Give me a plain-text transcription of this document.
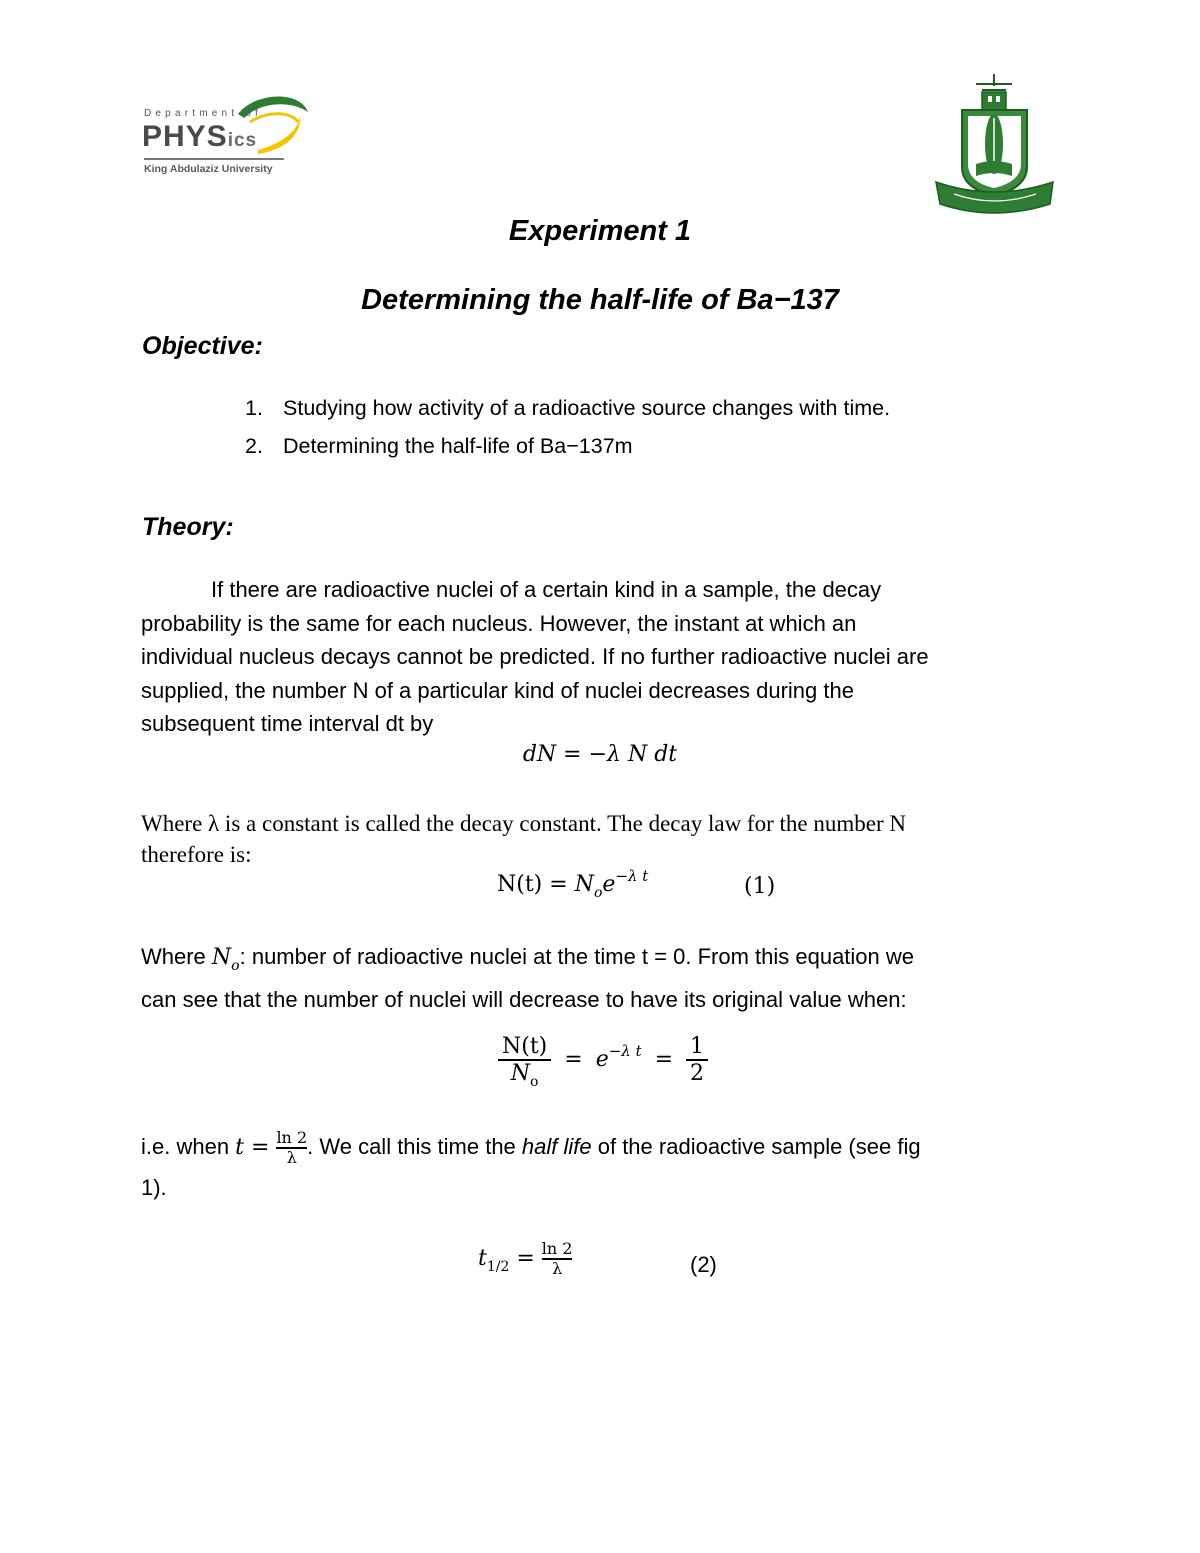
Department of
PHYSics
King Abdulaziz University
Experiment 1
Determining the half-life of Ba−137
Objective:
1. Studying how activity of a radioactive source changes with time.
2. Determining the half-life of Ba−137m
Theory:
If there are radioactive nuclei of a certain kind in a sample, the decay
probability is the same for each nucleus. However, the instant at which an
individual nucleus decays cannot be predicted. If no further radioactive nuclei are
supplied, the number N of a particular kind of nuclei decreases during the
subsequent time interval dt by
dN = −λ N dt
Where λ is a constant is called the decay constant. The decay law for the number N
therefore is:
$N(t) = N_oe^{-\lambda t}$	(1)
Where $N_o$: number of radioactive nuclei at the time t = 0. From this equation we
can see that the number of nuclei will decrease to have its original value when:
$\frac{N(t)}{N_o} = e^{-\lambda t} = \frac{1}{2}$
i.e. when $t = \frac{\ln 2}{\lambda}$ . We call this time the half life of the radioactive sample (see fig
1).
$t_{1/2} = \frac{\ln 2}{\lambda}$	(2)
